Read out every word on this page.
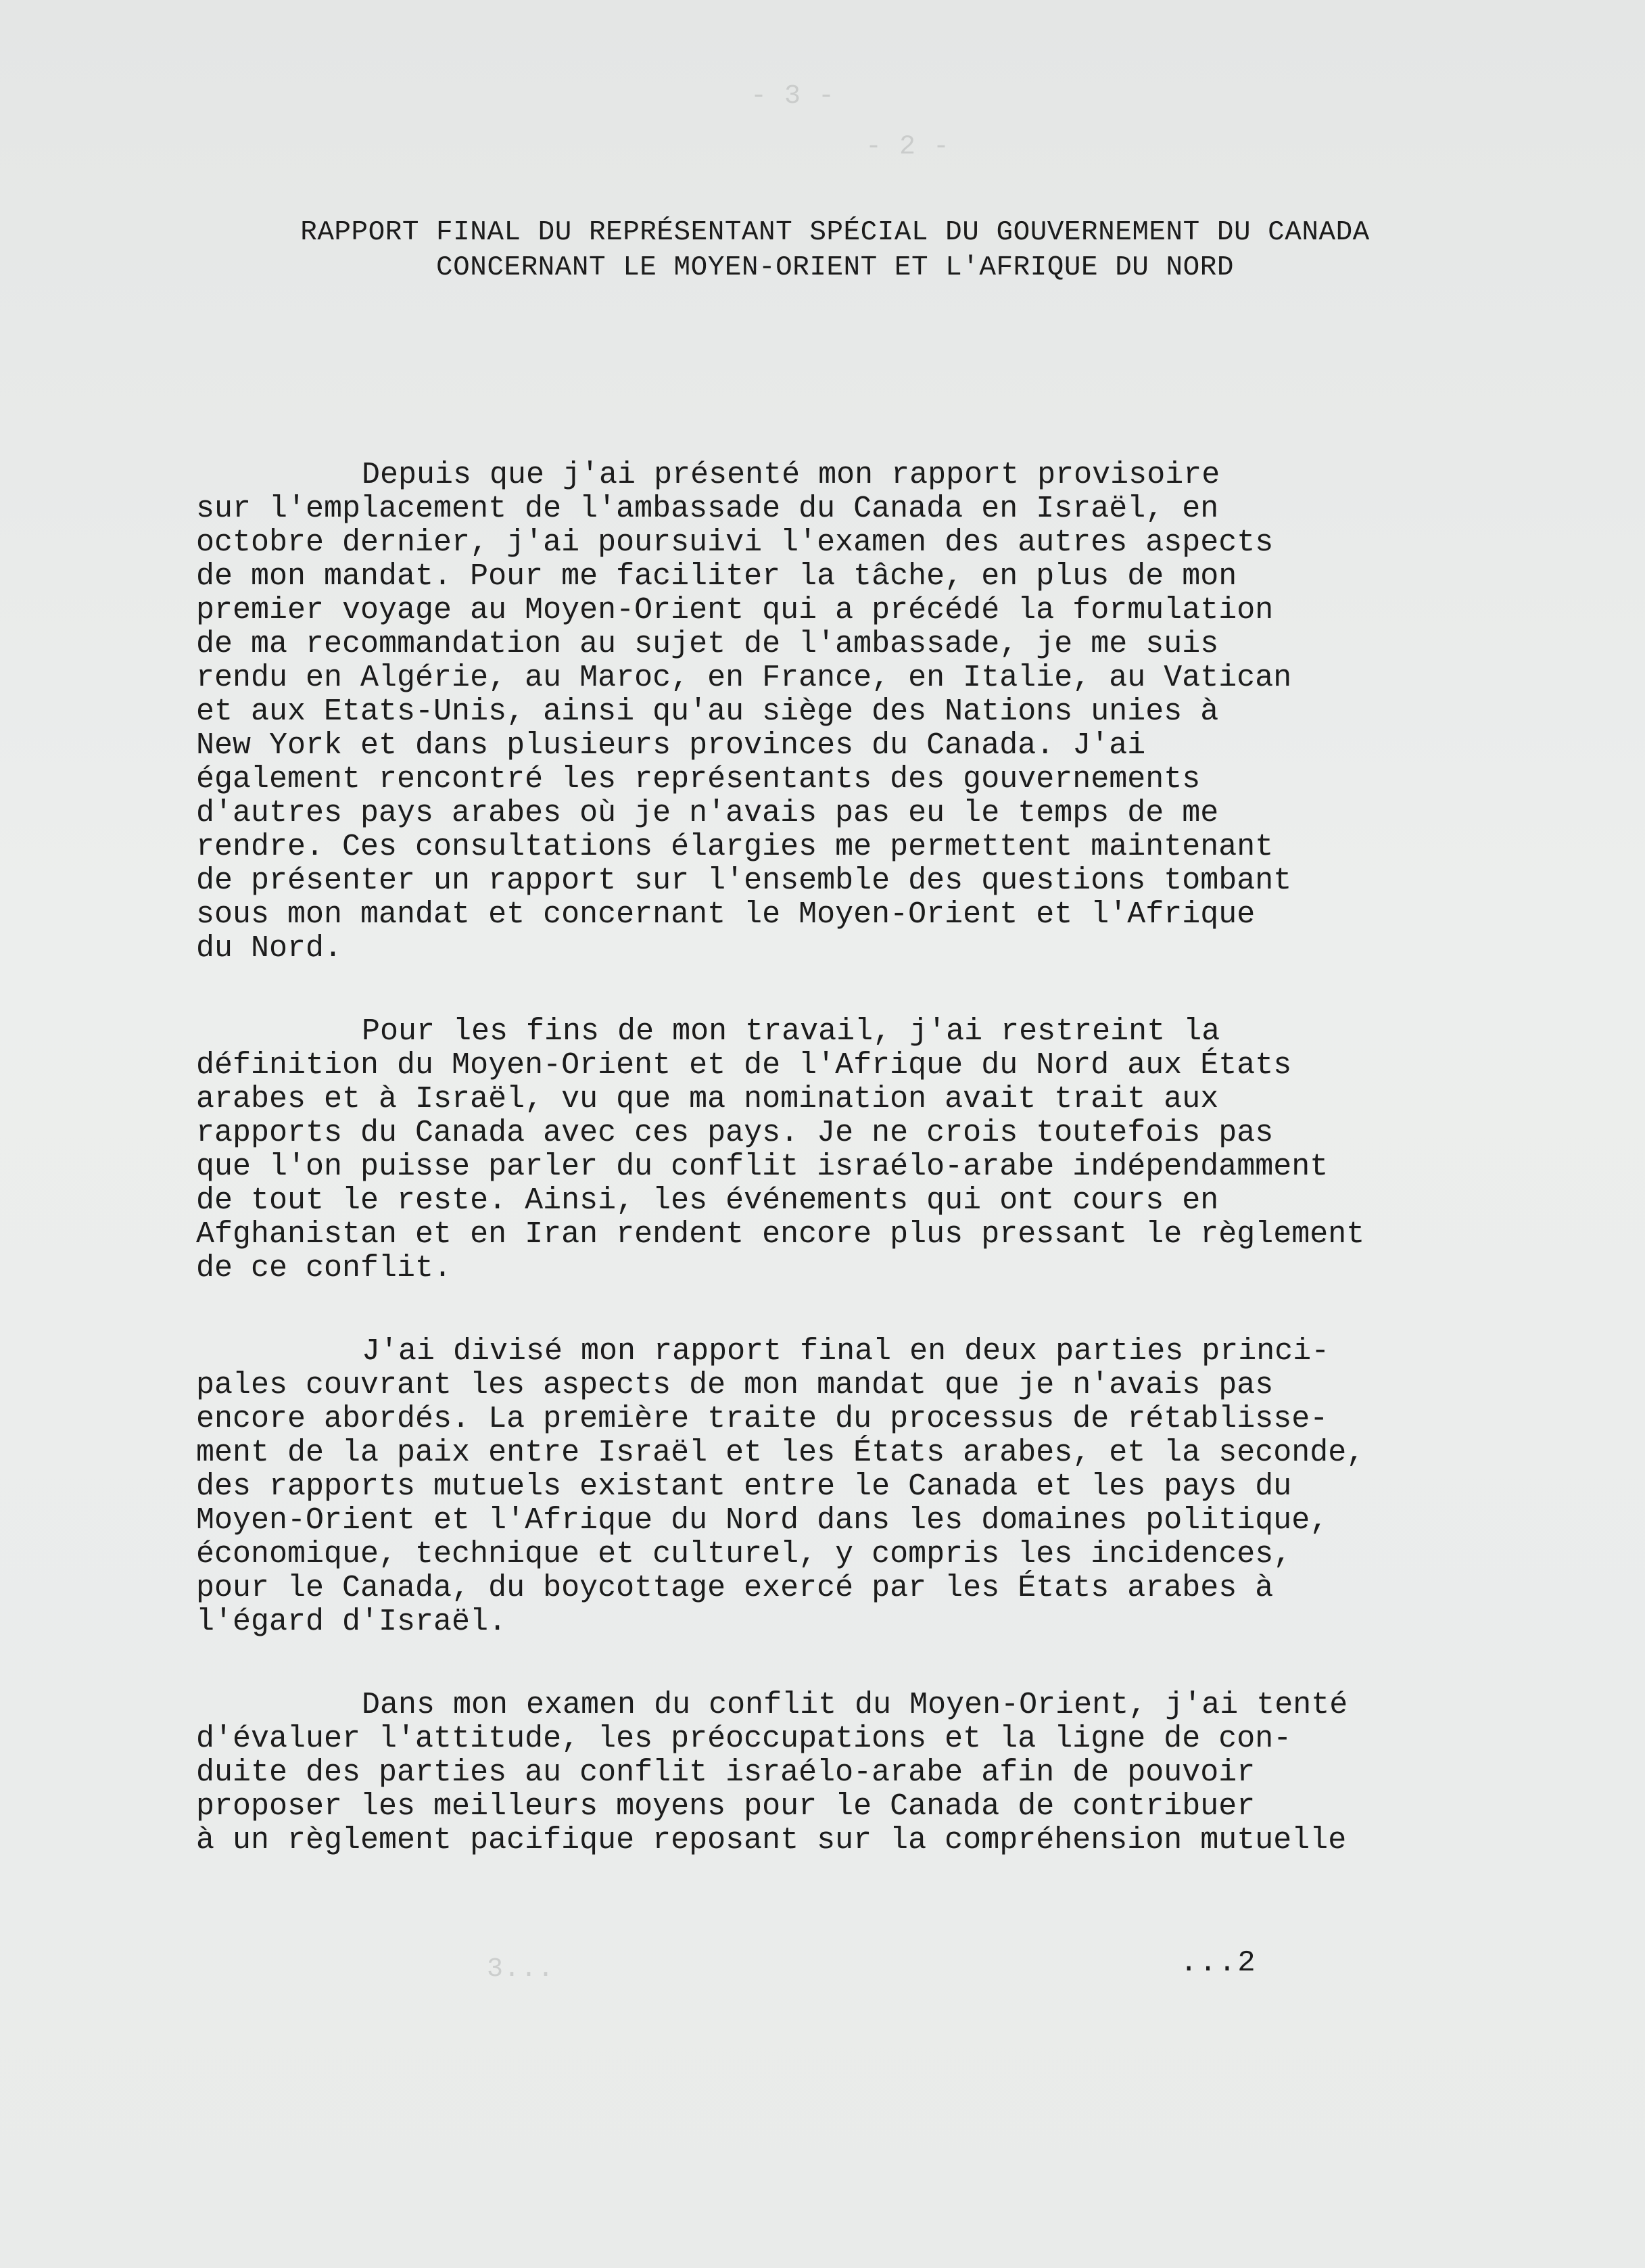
- 3 -
- 2 -
RAPPORT FINAL DU REPRÉSENTANT SPÉCIAL DU GOUVERNEMENT DU CANADA
CONCERNANT LE MOYEN-ORIENT ET L'AFRIQUE DU NORD
Depuis que j'ai présenté mon rapport provisoire
sur l'emplacement de l'ambassade du Canada en Israël, en
octobre dernier, j'ai poursuivi l'examen des autres aspects
de mon mandat. Pour me faciliter la tâche, en plus de mon
premier voyage au Moyen-Orient qui a précédé la formulation
de ma recommandation au sujet de l'ambassade, je me suis
rendu en Algérie, au Maroc, en France, en Italie, au Vatican
et aux Etats-Unis, ainsi qu'au siège des Nations unies à
New York et dans plusieurs provinces du Canada. J'ai
également rencontré les représentants des gouvernements
d'autres pays arabes où je n'avais pas eu le temps de me
rendre. Ces consultations élargies me permettent maintenant
de présenter un rapport sur l'ensemble des questions tombant
sous mon mandat et concernant le Moyen-Orient et l'Afrique
du Nord.
Pour les fins de mon travail, j'ai restreint la
définition du Moyen-Orient et de l'Afrique du Nord aux États
arabes et à Israël, vu que ma nomination avait trait aux
rapports du Canada avec ces pays. Je ne crois toutefois pas
que l'on puisse parler du conflit israélo-arabe indépendamment
de tout le reste. Ainsi, les événements qui ont cours en
Afghanistan et en Iran rendent encore plus pressant le règlement
de ce conflit.
J'ai divisé mon rapport final en deux parties princi-
pales couvrant les aspects de mon mandat que je n'avais pas
encore abordés. La première traite du processus de rétablisse-
ment de la paix entre Israël et les États arabes, et la seconde,
des rapports mutuels existant entre le Canada et les pays du
Moyen-Orient et l'Afrique du Nord dans les domaines politique,
économique, technique et culturel, y compris les incidences,
pour le Canada, du boycottage exercé par les États arabes à
l'égard d'Israël.
Dans mon examen du conflit du Moyen-Orient, j'ai tenté
d'évaluer l'attitude, les préoccupations et la ligne de con-
duite des parties au conflit israélo-arabe afin de pouvoir
proposer les meilleurs moyens pour le Canada de contribuer
à un règlement pacifique reposant sur la compréhension mutuelle
3...	...2
